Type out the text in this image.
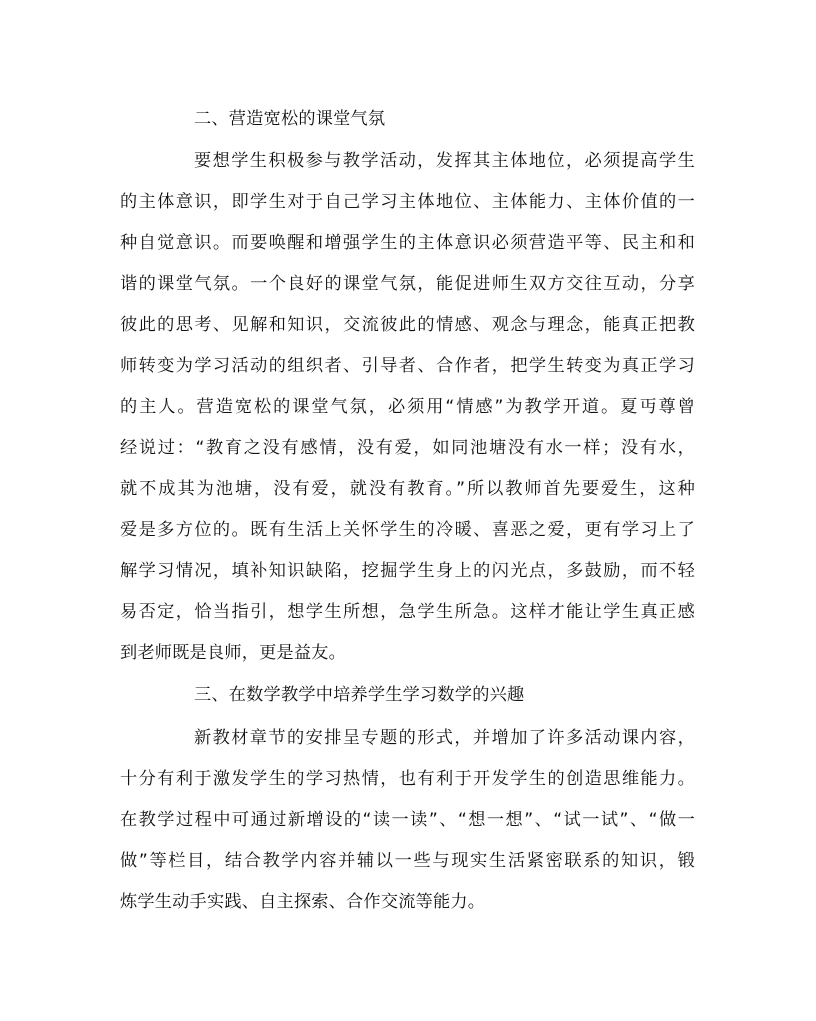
二、营造宽松的课堂气氛
要想学生积极参与教学活动，发挥其主体地位，必须提高学生
的主体意识，即学生对于自己学习主体地位、主体能力、主体价值的一
种自觉意识。而要唤醒和增强学生的主体意识必须营造平等、民主和和
谐的课堂气氛。一个良好的课堂气氛，能促进师生双方交往互动，分享
彼此的思考、见解和知识，交流彼此的情感、观念与理念，能真正把教
师转变为学习活动的组织者、引导者、合作者，把学生转变为真正学习
的主人。营造宽松的课堂气氛，必须用“情感”为教学开道。夏丏尊曾
经说过：“教育之没有感情，没有爱，如同池塘没有水一样；没有水，
就不成其为池塘，没有爱，就没有教育。”所以教师首先要爱生，这种
爱是多方位的。既有生活上关怀学生的冷暖、喜恶之爱，更有学习上了
解学习情况，填补知识缺陷，挖掘学生身上的闪光点，多鼓励，而不轻
易否定，恰当指引，想学生所想，急学生所急。这样才能让学生真正感
到老师既是良师，更是益友。
三、在数学教学中培养学生学习数学的兴趣
新教材章节的安排呈专题的形式，并增加了许多活动课内容，
十分有利于激发学生的学习热情，也有利于开发学生的创造思维能力。
在教学过程中可通过新增设的“读一读”、“想一想”、“试一试”、“做一
做”等栏目，结合教学内容并辅以一些与现实生活紧密联系的知识，锻
炼学生动手实践、自主探索、合作交流等能力。
